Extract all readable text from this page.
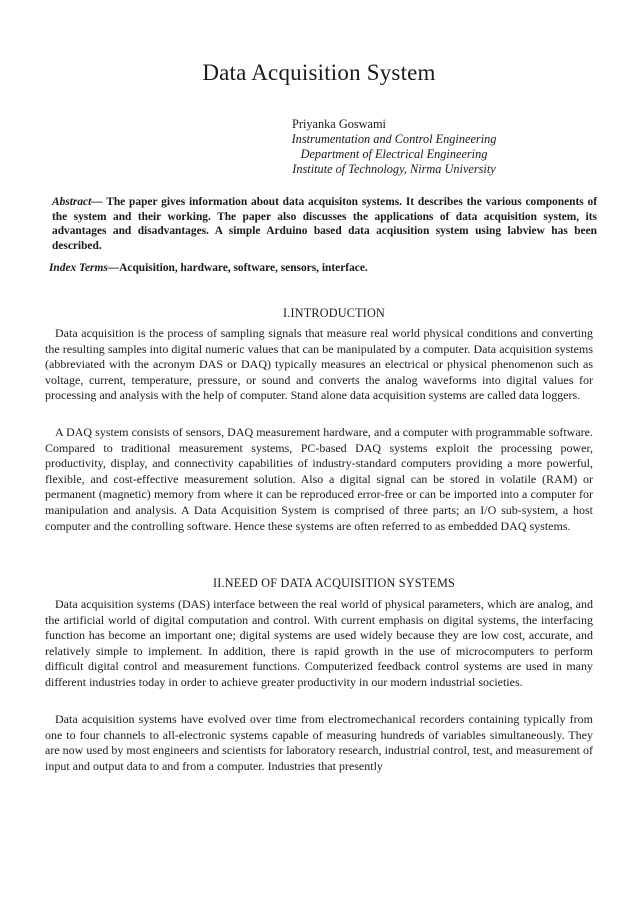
Data Acquisition System
Priyanka Goswami
Instrumentation and Control Engineering
Department of Electrical Engineering
Institute of Technology, Nirma University
Abstract— The paper gives information about data acquisiton systems. It describes the various components of the system and their working. The paper also discusses the applications of data acquisition system, its advantages and disadvantages. A simple Arduino based data acqiusition system using labview has been described.
Index Terms—Acquisition, hardware, software, sensors, interface.
I.INTRODUCTION
Data acquisition is the process of sampling signals that measure real world physical conditions and converting the resulting samples into digital numeric values that can be manipulated by a computer. Data acquisition systems (abbreviated with the acronym DAS or DAQ) typically measures an electrical or physical phenomenon such as voltage, current, temperature, pressure, or sound and converts the analog waveforms into digital values for processing and analysis with the help of computer. Stand alone data acquisition systems are called data loggers.
A DAQ system consists of sensors, DAQ measurement hardware, and a computer with programmable software. Compared to traditional measurement systems, PC-based DAQ systems exploit the processing power, productivity, display, and connectivity capabilities of industry-standard computers providing a more powerful, flexible, and cost-effective measurement solution. Also a digital signal can be stored in volatile (RAM) or permanent (magnetic) memory from where it can be reproduced error-free or can be imported into a computer for manipulation and analysis. A Data Acquisition System is comprised of three parts; an I/O sub-system, a host computer and the controlling software. Hence these systems are often referred to as embedded DAQ systems.
II.NEED OF DATA ACQUISITION SYSTEMS
Data acquisition systems (DAS) interface between the real world of physical parameters, which are analog, and the artificial world of digital computation and control. With current emphasis on digital systems, the interfacing function has become an important one; digital systems are used widely because they are low cost, accurate, and relatively simple to implement. In addition, there is rapid growth in the use of microcomputers to perform difficult digital control and measurement functions. Computerized feedback control systems are used in many different industries today in order to achieve greater productivity in our modern industrial societies.
Data acquisition systems have evolved over time from electromechanical recorders containing typically from one to four channels to all-electronic systems capable of measuring hundreds of variables simultaneously. They are now used by most engineers and scientists for laboratory research, industrial control, test, and measurement of input and output data to and from a computer. Industries that presently
